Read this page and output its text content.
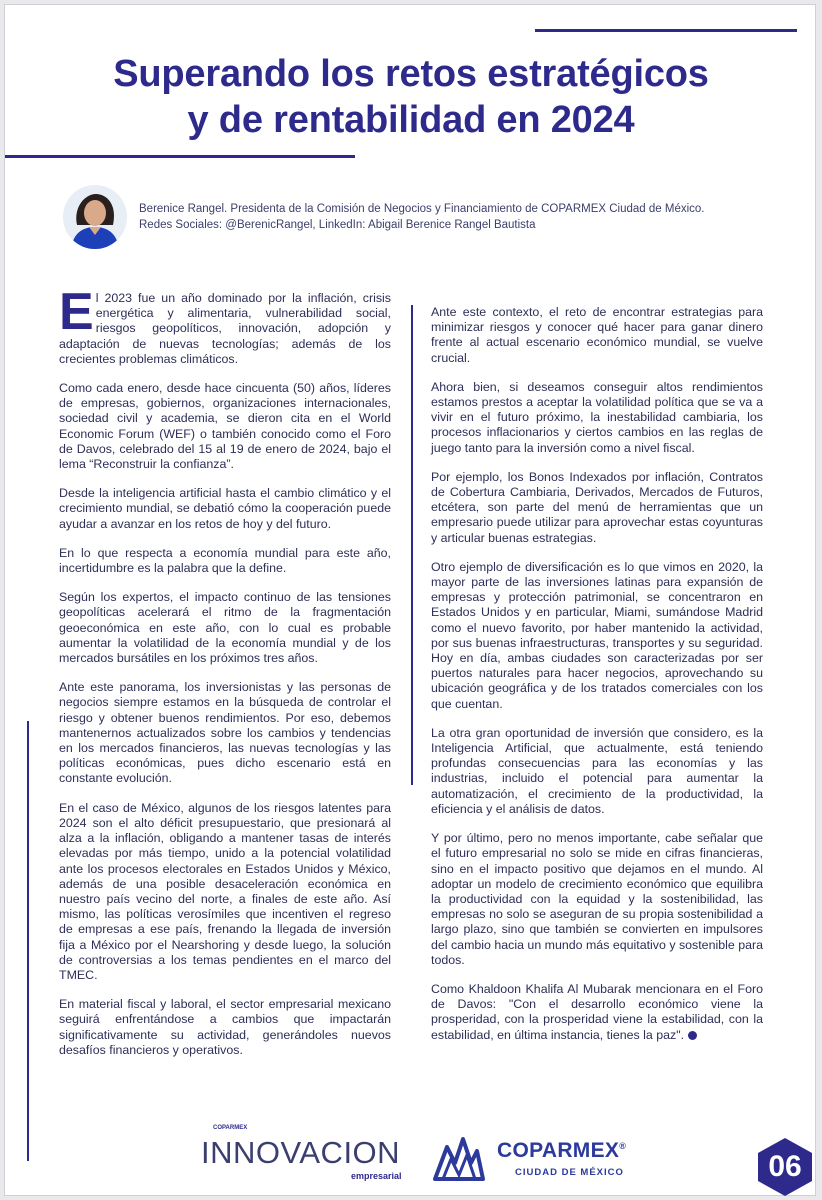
Superando los retos estratégicos
y de rentabilidad en 2024
Berenice Rangel. Presidenta de la Comisión de Negocios y Financiamiento de COPARMEX Ciudad de México.
Redes Sociales: @BerenicRangel, LinkedIn: Abigail Berenice Rangel Bautista

El 2023 fue un año dominado por la inflación, crisis energética y alimentaria, vulnerabilidad social, riesgos geopolíticos, innovación, adopción y adaptación de nuevas tecnologías; además de los crecientes problemas climáticos.

Como cada enero, desde hace cincuenta (50) años, líderes de empresas, gobiernos, organizaciones internacionales, sociedad civil y academia, se dieron cita en el World Economic Forum (WEF) o también conocido como el Foro de Davos, celebrado del 15 al 19 de enero de 2024, bajo el lema “Reconstruir la confianza”.

Desde la inteligencia artificial hasta el cambio climático y el crecimiento mundial, se debatió cómo la cooperación puede ayudar a avanzar en los retos de hoy y del futuro.

En lo que respecta a economía mundial para este año, incertidumbre es la palabra que la define.

Según los expertos, el impacto continuo de las tensiones geopolíticas acelerará el ritmo de la fragmentación geoeconómica en este año, con lo cual es probable aumentar la volatilidad de la economía mundial y de los mercados bursátiles en los próximos tres años.

Ante este panorama, los inversionistas y las personas de negocios siempre estamos en la búsqueda de controlar el riesgo y obtener buenos rendimientos. Por eso, debemos mantenernos actualizados sobre los cambios y tendencias en los mercados financieros, las nuevas tecnologías y las políticas económicas, pues dicho escenario está en constante evolución.

En el caso de México, algunos de los riesgos latentes para 2024 son el alto déficit presupuestario, que presionará al alza a la inflación, obligando a mantener tasas de interés elevadas por más tiempo, unido a la potencial volatilidad ante los procesos electorales en Estados Unidos y México, además de una posible desaceleración económica en nuestro país vecino del norte, a finales de este año. Así mismo, las políticas verosímiles que incentiven el regreso de empresas a ese país, frenando la llegada de inversión fija a México por el Nearshoring y desde luego, la solución de controversias a los temas pendientes en el marco del TMEC.

En material fiscal y laboral, el sector empresarial mexicano seguirá enfrentándose a cambios que impactarán significativamente su actividad, generándoles nuevos desafíos financieros y operativos.

Ante este contexto, el reto de encontrar estrategias para minimizar riesgos y conocer qué hacer para ganar dinero frente al actual escenario económico mundial, se vuelve crucial.

Ahora bien, si deseamos conseguir altos rendimientos estamos prestos a aceptar la volatilidad política que se va a vivir en el futuro próximo, la inestabilidad cambiaria, los procesos inflacionarios y ciertos cambios en las reglas de juego tanto para la inversión como a nivel fiscal.

Por ejemplo, los Bonos Indexados por inflación, Contratos de Cobertura Cambiaria, Derivados, Mercados de Futuros, etcétera, son parte del menú de herramientas que un empresario puede utilizar para aprovechar estas coyunturas y articular buenas estrategias.

Otro ejemplo de diversificación es lo que vimos en 2020, la mayor parte de las inversiones latinas para expansión de empresas y protección patrimonial, se concentraron en Estados Unidos y en particular, Miami, sumándose Madrid como el nuevo favorito, por haber mantenido la actividad, por sus buenas infraestructuras, transportes y su seguridad. Hoy en día, ambas ciudades son caracterizadas por ser puertos naturales para hacer negocios, aprovechando su ubicación geográfica y de los tratados comerciales con los que cuentan.

La otra gran oportunidad de inversión que considero, es la Inteligencia Artificial, que actualmente, está teniendo profundas consecuencias para las economías y las industrias, incluido el potencial para aumentar la automatización, el crecimiento de la productividad, la eficiencia y el análisis de datos.

Y por último, pero no menos importante, cabe señalar que el futuro empresarial no solo se mide en cifras financieras, sino en el impacto positivo que dejamos en el mundo. Al adoptar un modelo de crecimiento económico que equilibra la productividad con la equidad y la sostenibilidad, las empresas no solo se aseguran de su propia sostenibilidad a largo plazo, sino que también se convierten en impulsores del cambio hacia un mundo más equitativo y sostenible para todos.

Como Khaldoon Khalifa Al Mubarak mencionara en el Foro de Davos: "Con el desarrollo económico viene la prosperidad, con la prosperidad viene la estabilidad, con la estabilidad, en última instancia, tienes la paz".

COPARMEX
INNOVACION
empresarial
COPARMEX®
CIUDAD DE MÉXICO	06
